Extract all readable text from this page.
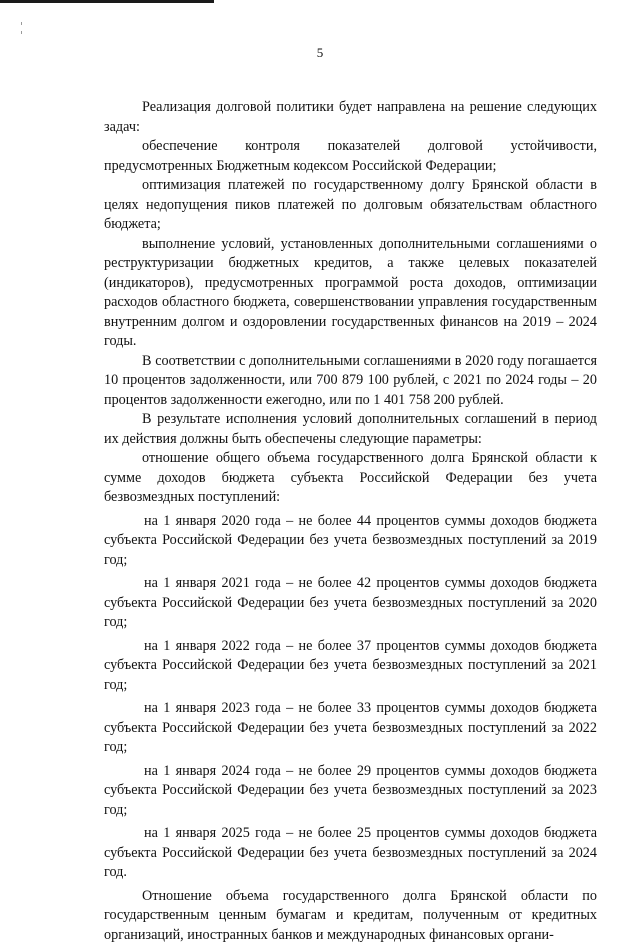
5

Реализация долговой политики будет направлена на решение следующих задач:

обеспечение контроля показателей долговой устойчивости, предусмотренных Бюджетным кодексом Российской Федерации;

оптимизация платежей по государственному долгу Брянской области в целях недопущения пиков платежей по долговым обязательствам областного бюджета;

выполнение условий, установленных дополнительными соглашениями о реструктуризации бюджетных кредитов, а также целевых показателей (индикаторов), предусмотренных программой роста доходов, оптимизации расходов областного бюджета, совершенствовании управления государственным внутренним долгом и оздоровлении государственных финансов на 2019 – 2024 годы.

В соответствии с дополнительными соглашениями в 2020 году погашается 10 процентов задолженности, или 700 879 100 рублей, с 2021 по 2024 годы – 20 процентов задолженности ежегодно, или по 1 401 758 200 рублей.

В результате исполнения условий дополнительных соглашений в период их действия должны быть обеспечены следующие параметры:

отношение общего объема государственного долга Брянской области к сумме доходов бюджета субъекта Российской Федерации без учета безвозмездных поступлений:

на 1 января 2020 года – не более 44 процентов суммы доходов бюджета субъекта Российской Федерации без учета безвозмездных поступлений за 2019 год;

на 1 января 2021 года – не более 42 процентов суммы доходов бюджета субъекта Российской Федерации без учета безвозмездных поступлений за 2020 год;

на 1 января 2022 года – не более 37 процентов суммы доходов бюджета субъекта Российской Федерации без учета безвозмездных поступлений за 2021 год;

на 1 января 2023 года – не более 33 процентов суммы доходов бюджета субъекта Российской Федерации без учета безвозмездных поступлений за 2022 год;

на 1 января 2024 года – не более 29 процентов суммы доходов бюджета субъекта Российской Федерации без учета безвозмездных поступлений за 2023 год;

на 1 января 2025 года – не более 25 процентов суммы доходов бюджета субъекта Российской Федерации без учета безвозмездных поступлений за 2024 год.

Отношение объема государственного долга Брянской области по государственным ценным бумагам и кредитам, полученным от кредитных организаций, иностранных банков и международных финансовых органи-
